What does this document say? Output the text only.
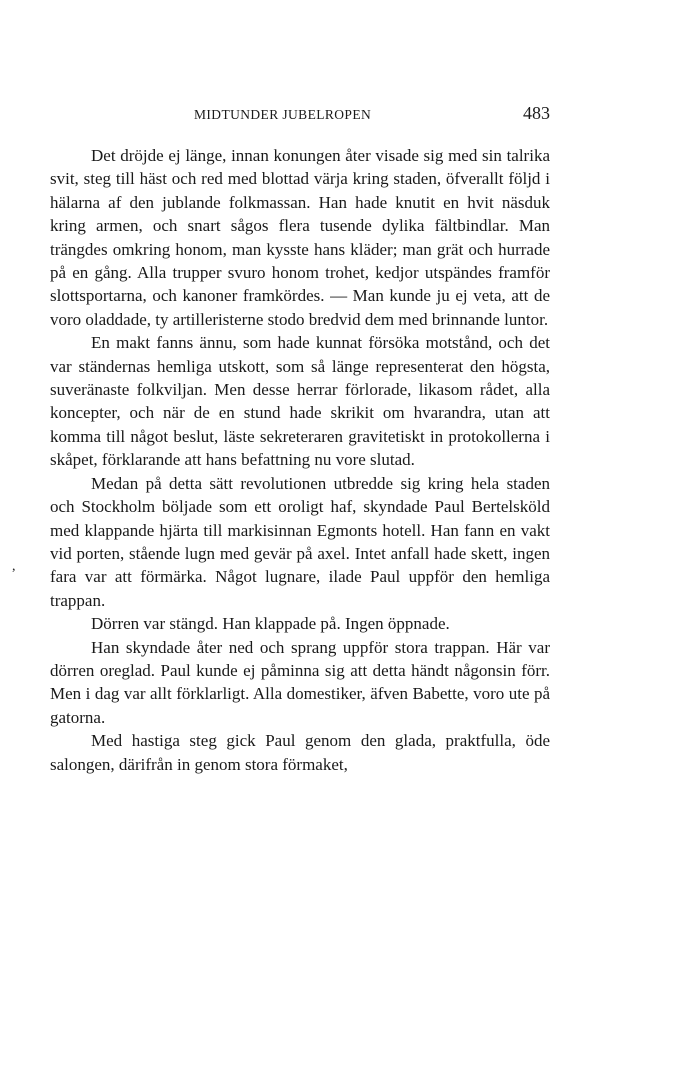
MIDTUNDER JUBELROPEN	483

Det dröjde ej länge, innan konungen åter visade sig med sin talrika svit, steg till häst och red med blottad värja kring staden, öfverallt följd i hälarna af den jublande folkmassan. Han hade knutit en hvit näsduk kring armen, och snart sågos flera tusende dylika fältbindlar. Man trängdes omkring honom, man kysste hans kläder; man grät och hurrade på en gång. Alla trupper svuro honom trohet, kedjor utspändes framför slottsportarna, och kanoner framkördes. — Man kunde ju ej veta, att de voro oladdade, ty artilleristerne stodo bredvid dem med brinnande luntor.

En makt fanns ännu, som hade kunnat försöka motstånd, och det var ständernas hemliga utskott, som så länge representerat den högsta, suveränaste folkviljan. Men desse herrar förlorade, likasom rådet, alla koncepter, och när de en stund hade skrikit om hvarandra, utan att komma till något beslut, läste sekreteraren gravitetiskt in protokollerna i skåpet, förklarande att hans befattning nu vore slutad.

Medan på detta sätt revolutionen utbredde sig kring hela staden och Stockholm böljade som ett oroligt haf, skyndade Paul Bertelsköld med klappande hjärta till markisinnan Egmonts hotell. Han fann en vakt vid porten, stående lugn med gevär på axel. Intet anfall hade skett, ingen fara var att förmärka. Något lugnare, ilade Paul uppför den hemliga trappan.

Dörren var stängd. Han klappade på. Ingen öppnade.

Han skyndade åter ned och sprang uppför stora trappan. Här var dörren oreglad. Paul kunde ej påminna sig att detta händt någonsin förr. Men i dag var allt förklarligt. Alla domestiker, äfven Babette, voro ute på gatorna.

Med hastiga steg gick Paul genom den glada, praktfulla, öde salongen, därifrån in genom stora förmaket,

,
